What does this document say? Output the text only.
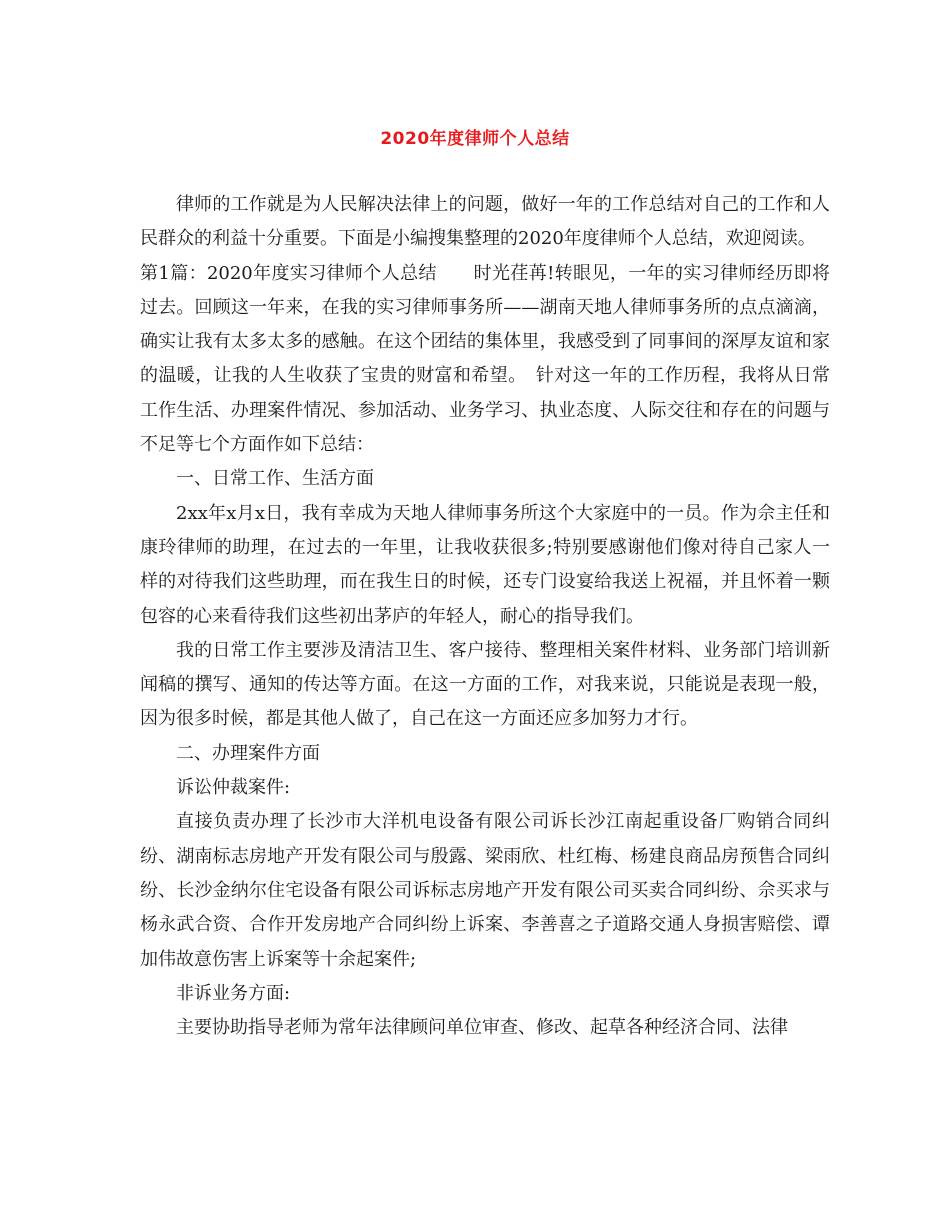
2020年度律师个人总结

律师的工作就是为人民解决法律上的问题，做好一年的工作总结对自己的工作和人民群众的利益十分重要。下面是小编搜集整理的2020年度律师个人总结，欢迎阅读。

第1篇：2020年度实习律师个人总结　　时光荏苒!转眼见，一年的实习律师经历即将过去。回顾这一年来，在我的实习律师事务所——湖南天地人律师事务所的点点滴滴，确实让我有太多太多的感触。在这个团结的集体里，我感受到了同事间的深厚友谊和家的温暖，让我的人生收获了宝贵的财富和希望。　针对这一年的工作历程，我将从日常工作生活、办理案件情况、参加活动、业务学习、执业态度、人际交往和存在的问题与不足等七个方面作如下总结：

一、日常工作、生活方面

2xx年x月x日，我有幸成为天地人律师事务所这个大家庭中的一员。作为佘主任和康玲律师的助理，在过去的一年里，让我收获很多;特别要感谢他们像对待自己家人一样的对待我们这些助理，而在我生日的时候，还专门设宴给我送上祝福，并且怀着一颗包容的心来看待我们这些初出茅庐的年轻人，耐心的指导我们。

我的日常工作主要涉及清洁卫生、客户接待、整理相关案件材料、业务部门培训新闻稿的撰写、通知的传达等方面。在这一方面的工作，对我来说，只能说是表现一般，因为很多时候，都是其他人做了，自己在这一方面还应多加努力才行。

二、办理案件方面

诉讼仲裁案件:

直接负责办理了长沙市大洋机电设备有限公司诉长沙江南起重设备厂购销合同纠纷、湖南标志房地产开发有限公司与殷露、梁雨欣、杜红梅、杨建良商品房预售合同纠纷、长沙金纳尔住宅设备有限公司诉标志房地产开发有限公司买卖合同纠纷、佘买求与杨永武合资、合作开发房地产合同纠纷上诉案、李善喜之子道路交通人身损害赔偿、谭加伟故意伤害上诉案等十余起案件;

非诉业务方面:

主要协助指导老师为常年法律顾问单位审查、修改、起草各种经济合同、法律
